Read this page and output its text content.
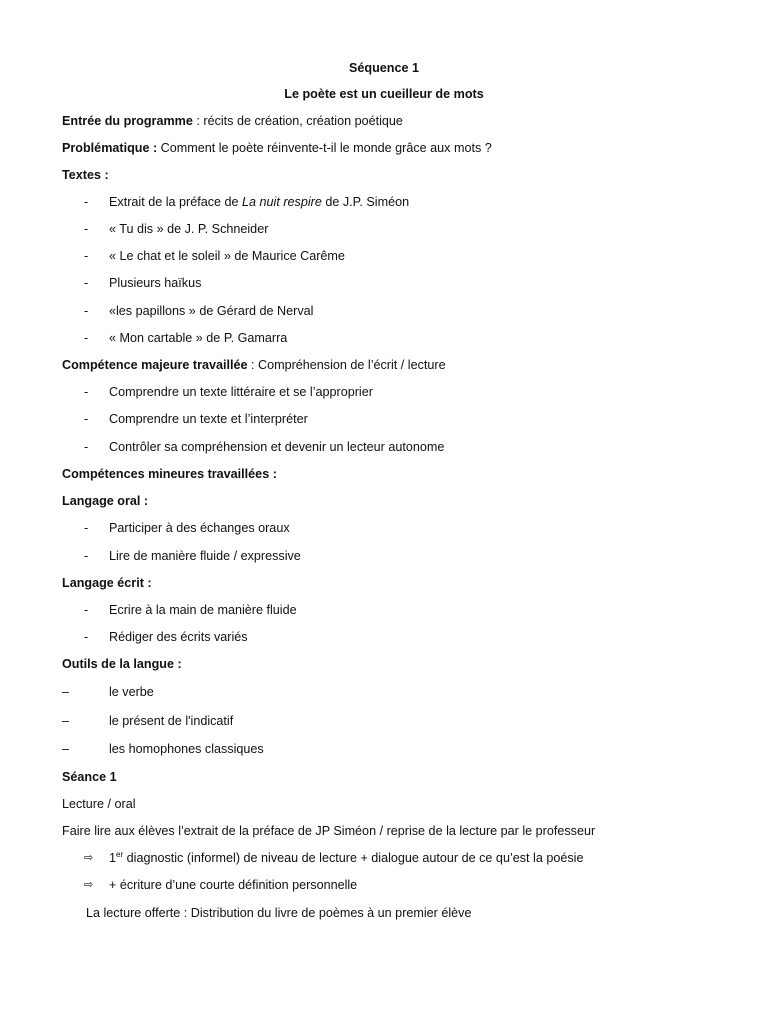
Séquence 1
Le poète est un cueilleur de mots
Entrée du programme : récits de création, création poétique
Problématique : Comment le poète réinvente-t-il le monde grâce aux mots ?
Textes :
- Extrait de la préface de La nuit respire de J.P. Siméon
- « Tu dis » de J. P. Schneider
- « Le chat et le soleil » de Maurice Carême
- Plusieurs haïkus
- «les papillons » de Gérard de Nerval
- « Mon cartable » de P. Gamarra
Compétence majeure travaillée : Compréhension de l’écrit / lecture
- Comprendre un texte littéraire et se l’approprier
- Comprendre un texte et l’interpréter
- Contrôler sa compréhension et devenir un lecteur autonome
Compétences mineures travaillées :
Langage oral :
- Participer à des échanges oraux
- Lire de manière fluide / expressive
Langage écrit :
- Ecrire à la main de manière fluide
- Rédiger des écrits variés
Outils de la langue :
–	le verbe
–	le présent de l'indicatif
–	les homophones classiques
Séance 1
Lecture / oral
Faire lire aux élèves l’extrait de la préface de JP Siméon / reprise de la lecture par le professeur
⇨ 1er diagnostic (informel) de niveau de lecture + dialogue autour de ce qu’est la poésie
⇨ + écriture d’une courte définition personnelle
La lecture offerte : Distribution du livre de poèmes à un premier élève
